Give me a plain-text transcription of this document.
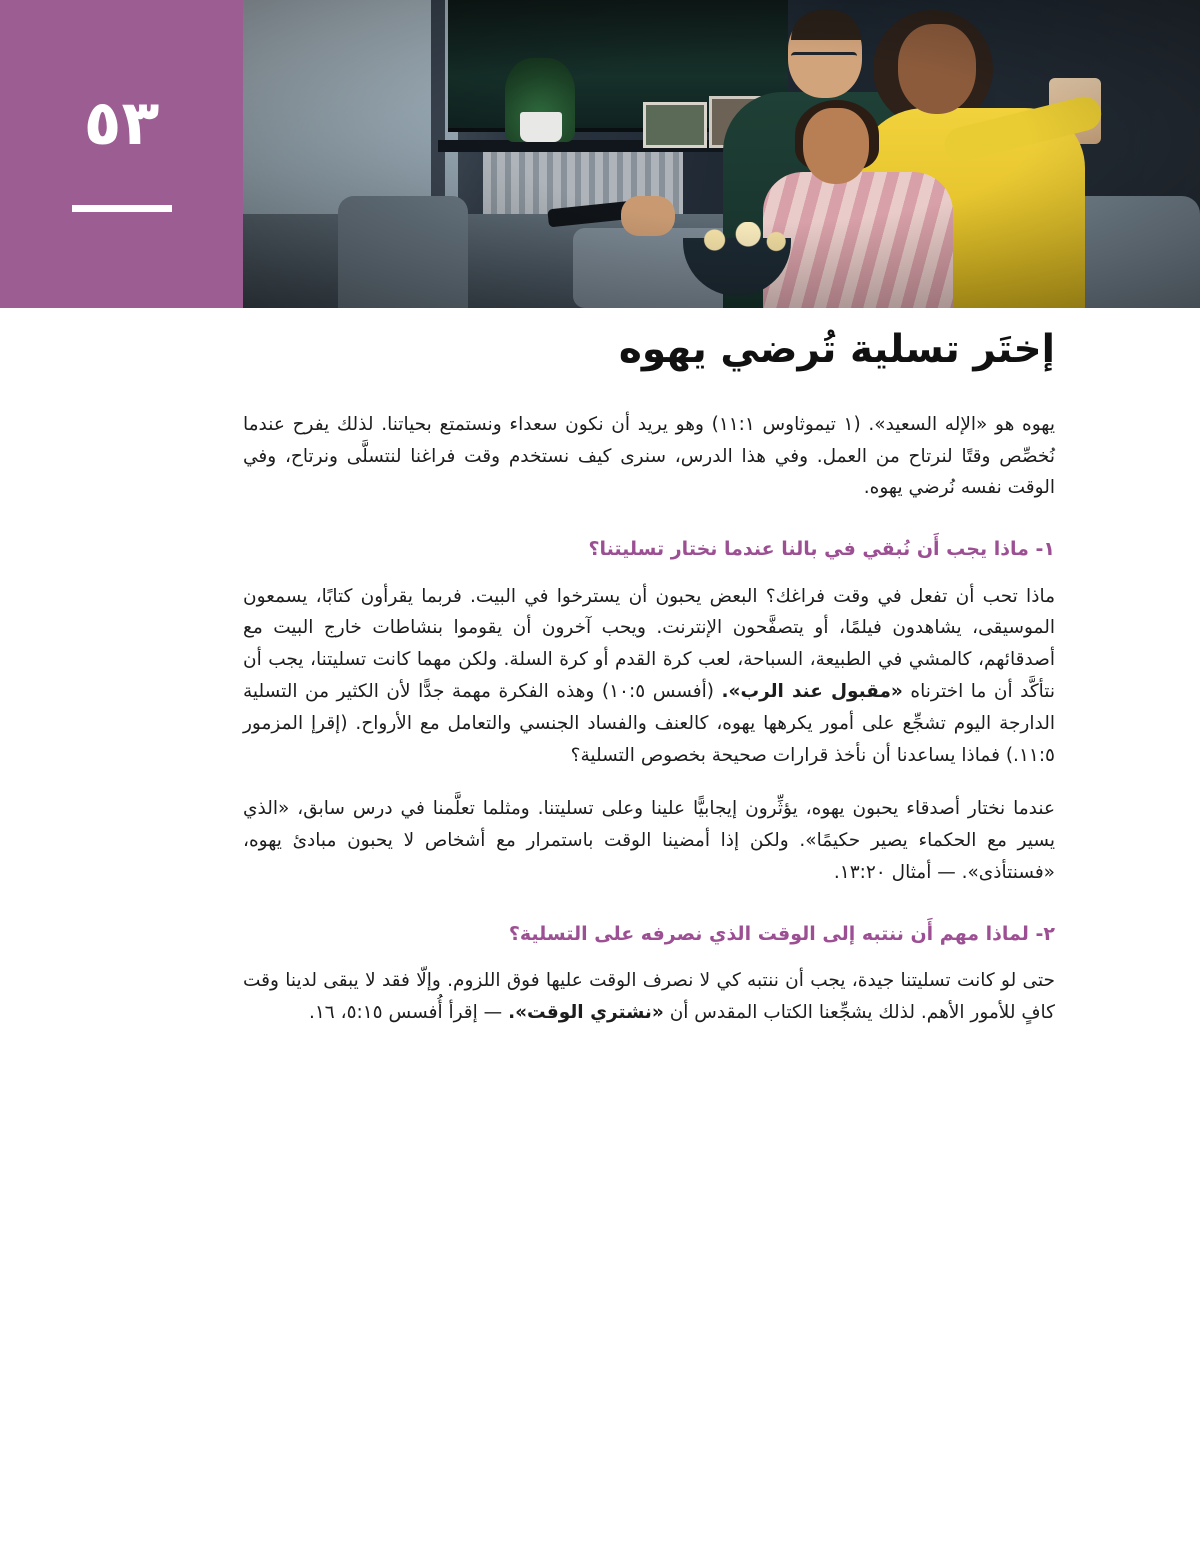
٥٣
إختَر تسلية تُرضي يهوه

يهوه هو «الإله السعيد». (١ تيموثاوس ١١:١) وهو يريد أن نكون سعداء ونستمتع بحياتنا. لذلك يفرح عندما نُخصِّص وقتًا لنرتاح من العمل. وفي هذا الدرس، سنرى كيف نستخدم وقت فراغنا لنتسلَّى ونرتاح، وفي الوقت نفسه نُرضي يهوه.

١- ماذا يجب أَن نُبقي في بالنا عندما نختار تسليتنا؟

ماذا تحب أن تفعل في وقت فراغك؟ البعض يحبون أن يسترخوا في البيت. فربما يقرأون كتابًا، يسمعون الموسيقى، يشاهدون فيلمًا، أو يتصفَّحون الإنترنت. ويحب آخرون أن يقوموا بنشاطات خارج البيت مع أصدقائهم، كالمشي في الطبيعة، السباحة، لعب كرة القدم أو كرة السلة. ولكن مهما كانت تسليتنا، يجب أن نتأكَّد أن ما اخترناه «مقبول عند الرب». (أفسس ١٠:٥) وهذه الفكرة مهمة جدًّا لأن الكثير من التسلية الدارجة اليوم تشجِّع على أمور يكرهها يهوه، كالعنف والفساد الجنسي والتعامل مع الأرواح. (إقرإ المزمور ١١:٥.) فماذا يساعدنا أن نأخذ قرارات صحيحة بخصوص التسلية؟

عندما نختار أصدقاء يحبون يهوه، يؤثِّرون إيجابيًّا علينا وعلى تسليتنا. ومثلما تعلَّمنا في درس سابق، «الذي يسير مع الحكماء يصير حكيمًا». ولكن إذا أمضينا الوقت باستمرار مع أشخاص لا يحبون مبادئ يهوه، «فسنتأذى». — أمثال ١٣:٢٠.

٢- لماذا مهم أَن ننتبه إلى الوقت الذي نصرفه على التسلية؟

حتى لو كانت تسليتنا جيدة، يجب أن ننتبه كي لا نصرف الوقت عليها فوق اللزوم. وإلّا فقد لا يبقى لدينا وقت كافٍ للأمور الأهم. لذلك يشجِّعنا الكتاب المقدس أن «نشتري الوقت». — إقرأ أُفسس ٥:١٥، ١٦.
